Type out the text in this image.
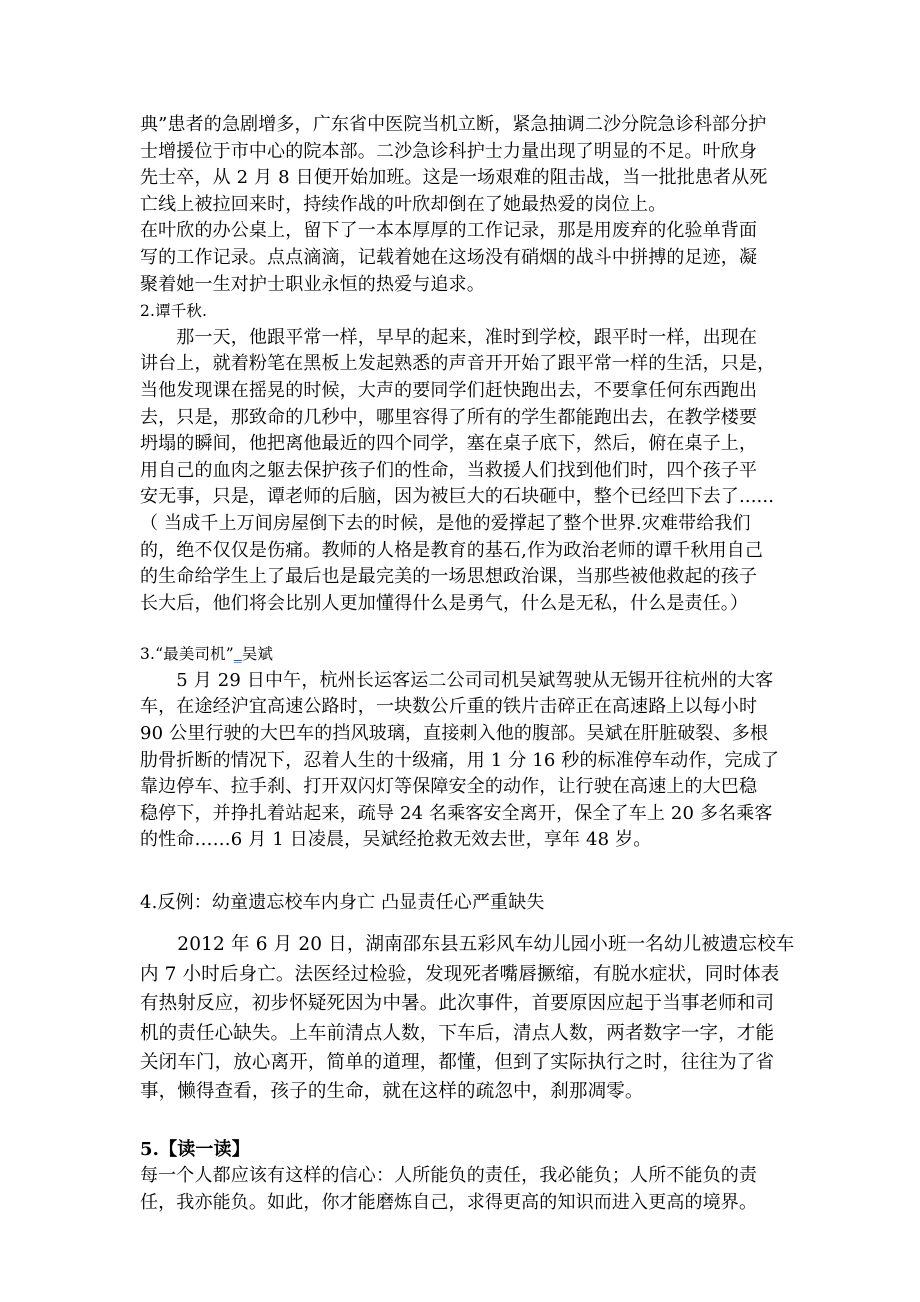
典”患者的急剧增多，广东省中医院当机立断，紧急抽调二沙分院急诊科部分护

士增援位于市中心的院本部。二沙急诊科护士力量出现了明显的不足。叶欣身

先士卒，从 2 月 8 日便开始加班。这是一场艰难的阻击战，当一批批患者从死

亡线上被拉回来时，持续作战的叶欣却倒在了她最热爱的岗位上。

在叶欣的办公桌上，留下了一本本厚厚的工作记录，那是用废弃的化验单背面

写的工作记录。点点滴滴，记载着她在这场没有硝烟的战斗中拼搏的足迹，凝

聚着她一生对护士职业永恒的热爱与追求。

2.谭千秋.

　　那一天，他跟平常一样，早早的起来，准时到学校，跟平时一样，出现在

讲台上，就着粉笔在黑板上发起熟悉的声音开开始了跟平常一样的生活，只是，

当他发现课在摇晃的时候，大声的要同学们赶快跑出去，不要拿任何东西跑出

去，只是，那致命的几秒中，哪里容得了所有的学生都能跑出去，在教学楼要

坍塌的瞬间，他把离他最近的四个同学，塞在桌子底下，然后，俯在桌子上，

用自己的血肉之躯去保护孩子们的性命，当救援人们找到他们时，四个孩子平

安无事，只是，谭老师的后脑，因为被巨大的石块砸中，整个已经凹下去了......

（ 当成千上万间房屋倒下去的时候，是他的爱撑起了整个世界.灾难带给我们

的，绝不仅仅是伤痛。教师的人格是教育的基石,作为政治老师的谭千秋用自己

的生命给学生上了最后也是最完美的一场思想政治课，当那些被他救起的孩子

长大后，他们将会比别人更加懂得什么是勇气，什么是无私，什么是责任。）

3.“最美司机”_吴斌

　　5 月 29 日中午，杭州长运客运二公司司机吴斌驾驶从无锡开往杭州的大客

车，在途经沪宜高速公路时，一块数公斤重的铁片击碎正在高速路上以每小时

90 公里行驶的大巴车的挡风玻璃，直接刺入他的腹部。吴斌在肝脏破裂、多根

肋骨折断的情况下，忍着人生的十级痛，用 1 分 16 秒的标准停车动作，完成了

靠边停车、拉手刹、打开双闪灯等保障安全的动作，让行驶在高速上的大巴稳

稳停下，并挣扎着站起来，疏导 24 名乘客安全离开，保全了车上 20 多名乘客

的性命……6 月 1 日凌晨，吴斌经抢救无效去世，享年 48 岁。

4.反例：幼童遗忘校车内身亡 凸显责任心严重缺失

　　2012 年 6 月 20 日，湖南邵东县五彩风车幼儿园小班一名幼儿被遗忘校车

内 7 小时后身亡。法医经过检验，发现死者嘴唇撅缩，有脱水症状，同时体表

有热射反应，初步怀疑死因为中暑。此次事件，首要原因应起于当事老师和司

机的责任心缺失。上车前清点人数，下车后，清点人数，两者数字一字，才能

关闭车门，放心离开，简单的道理，都懂，但到了实际执行之时，往往为了省

事，懒得查看，孩子的生命，就在这样的疏忽中，刹那凋零。

5.【读一读】

每一个人都应该有这样的信心：人所能负的责任，我必能负；人所不能负的责

任，我亦能负。如此，你才能磨炼自己，求得更高的知识而进入更高的境界。
